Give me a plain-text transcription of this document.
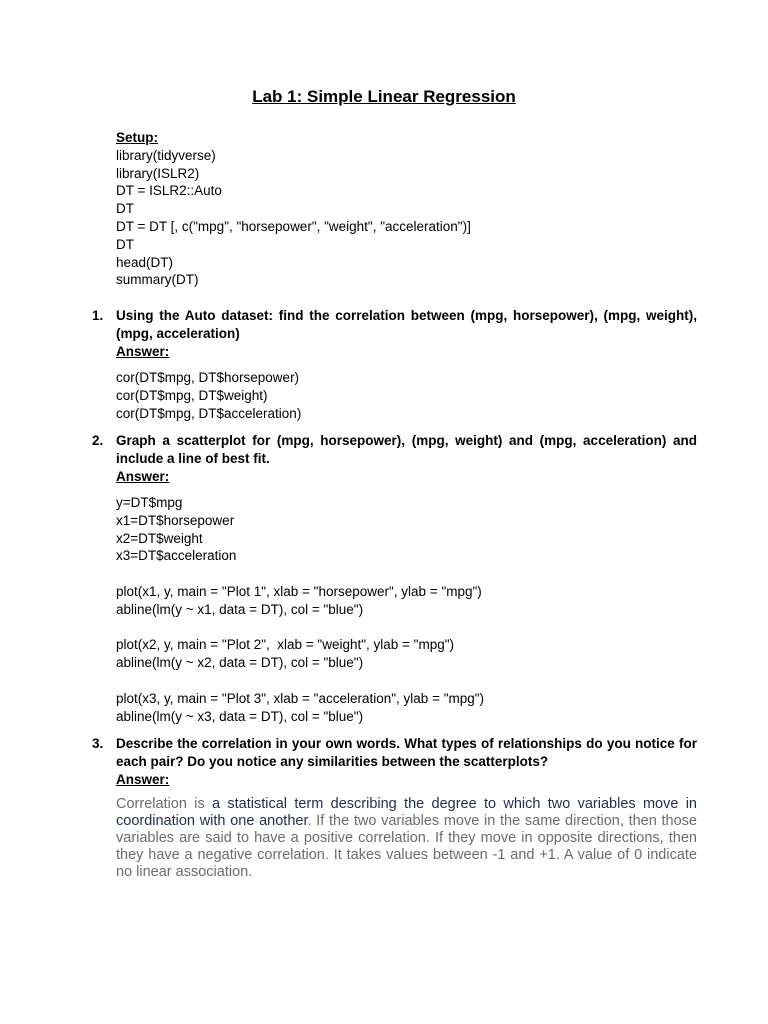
Lab 1: Simple Linear Regression
Setup:
library(tidyverse)
library(ISLR2)
DT = ISLR2::Auto
DT
DT = DT [, c("mpg", "horsepower", "weight", "acceleration")]
DT
head(DT)
summary(DT)
1. Using the Auto dataset: find the correlation between (mpg, horsepower), (mpg, weight), (mpg, acceleration)

Answer:
cor(DT$mpg, DT$horsepower)
cor(DT$mpg, DT$weight)
cor(DT$mpg, DT$acceleration)
2. Graph a scatterplot for (mpg, horsepower), (mpg, weight) and (mpg, acceleration) and include a line of best fit.

Answer:
y=DT$mpg
x1=DT$horsepower
x2=DT$weight
x3=DT$acceleration
plot(x1, y, main = "Plot 1", xlab = "horsepower", ylab = "mpg")
abline(lm(y ~ x1, data = DT), col = "blue")
plot(x2, y, main = "Plot 2",  xlab = "weight", ylab = "mpg")
abline(lm(y ~ x2, data = DT), col = "blue")
plot(x3, y, main = "Plot 3", xlab = "acceleration", ylab = "mpg")
abline(lm(y ~ x3, data = DT), col = "blue")
3. Describe the correlation in your own words. What types of relationships do you notice for each pair? Do you notice any similarities between the scatterplots?

Answer:

Correlation is a statistical term describing the degree to which two variables move in coordination with one another. If the two variables move in the same direction, then those variables are said to have a positive correlation. If they move in opposite directions, then they have a negative correlation. It takes values between -1 and +1. A value of 0 indicate no linear association.
